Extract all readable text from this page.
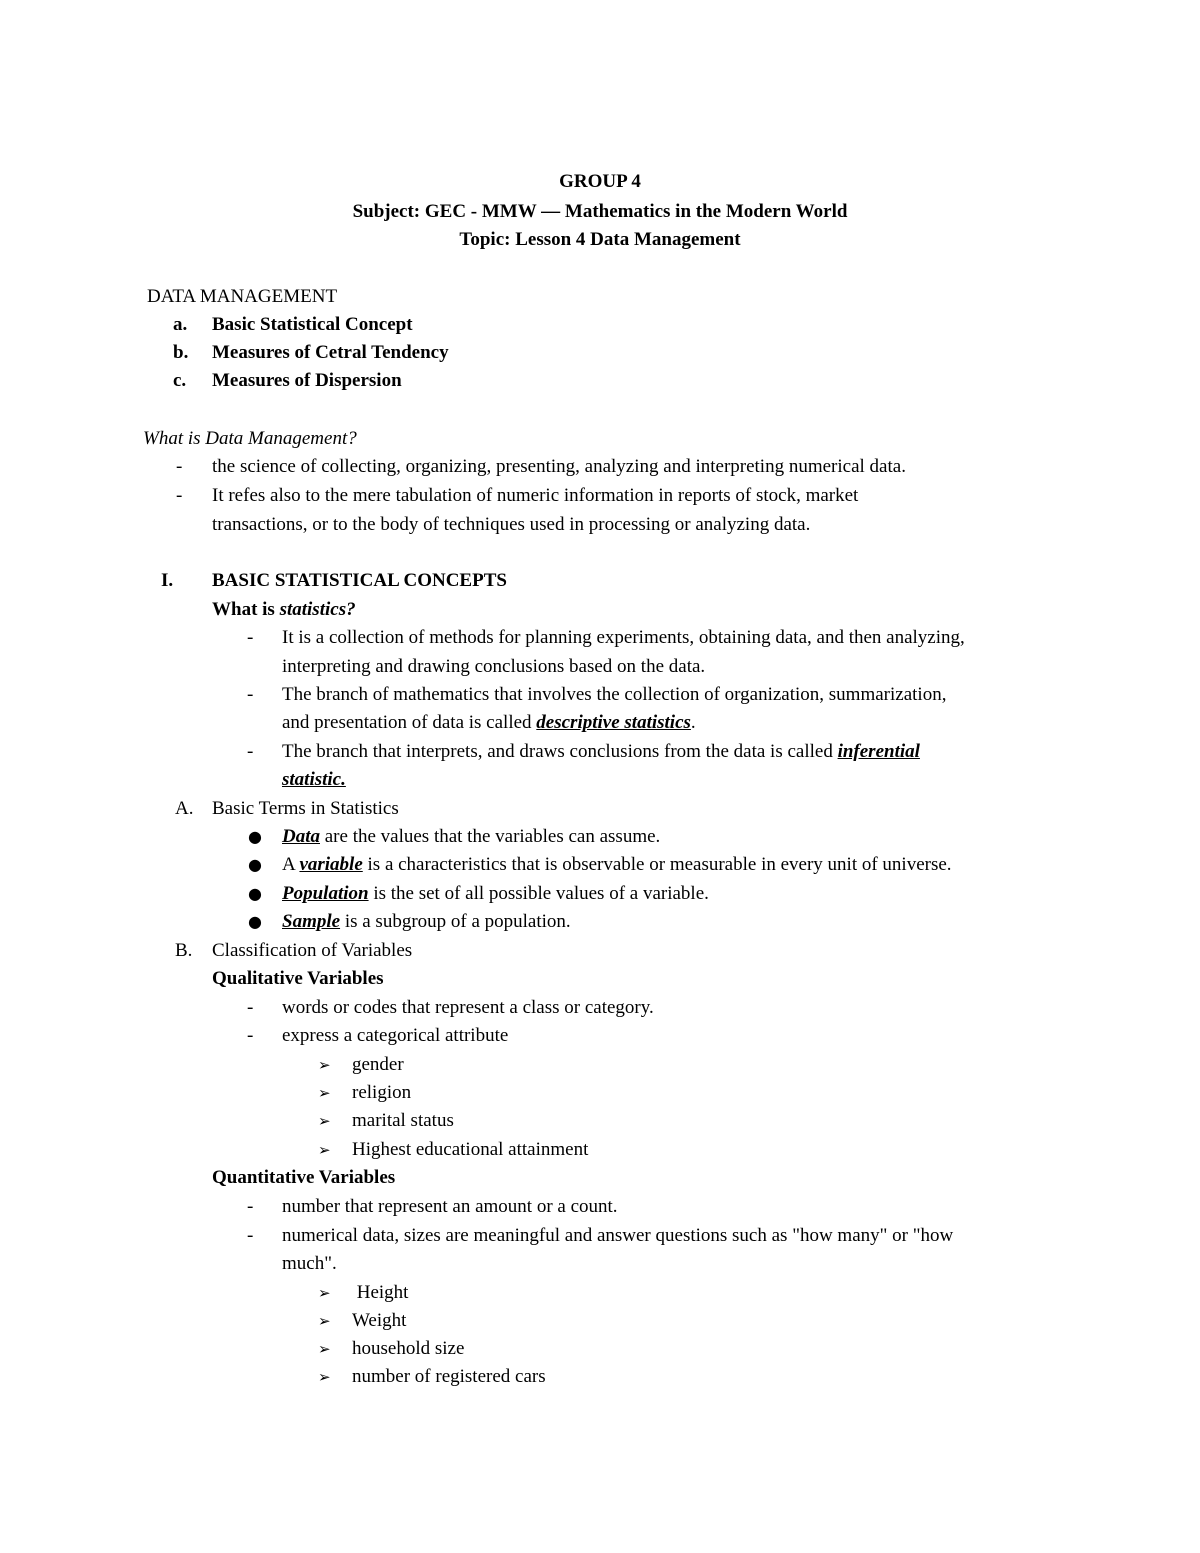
GROUP 4
Subject: GEC - MMW — Mathematics in the Modern World
Topic: Lesson 4 Data Management
DATA MANAGEMENT
a. Basic Statistical Concept
b. Measures of Cetral Tendency
c. Measures of Dispersion
What is Data Management?
- the science of collecting, organizing, presenting, analyzing and interpreting numerical data.
- It refes also to the mere tabulation of numeric information in reports of stock, market
transactions, or to the body of techniques used in processing or analyzing data.
I. BASIC STATISTICAL CONCEPTS
What is statistics?
- It is a collection of methods for planning experiments, obtaining data, and then analyzing,
interpreting and drawing conclusions based on the data.
- The branch of mathematics that involves the collection of organization, summarization,
and presentation of data is called descriptive statistics.
- The branch that interprets, and draws conclusions from the data is called inferential
statistic.
A. Basic Terms in Statistics
● Data are the values that the variables can assume.
● A variable is a characteristics that is observable or measurable in every unit of universe.
● Population is the set of all possible values of a variable.
● Sample is a subgroup of a population.
B. Classification of Variables
Qualitative Variables
- words or codes that represent a class or category.
- express a categorical attribute
➢ gender
➢ religion
➢ marital status
➢ Highest educational attainment
Quantitative Variables
- number that represent an amount or a count.
- numerical data, sizes are meaningful and answer questions such as "how many" or "how
much".
➢ Height
➢ Weight
➢ household size
➢ number of registered cars
